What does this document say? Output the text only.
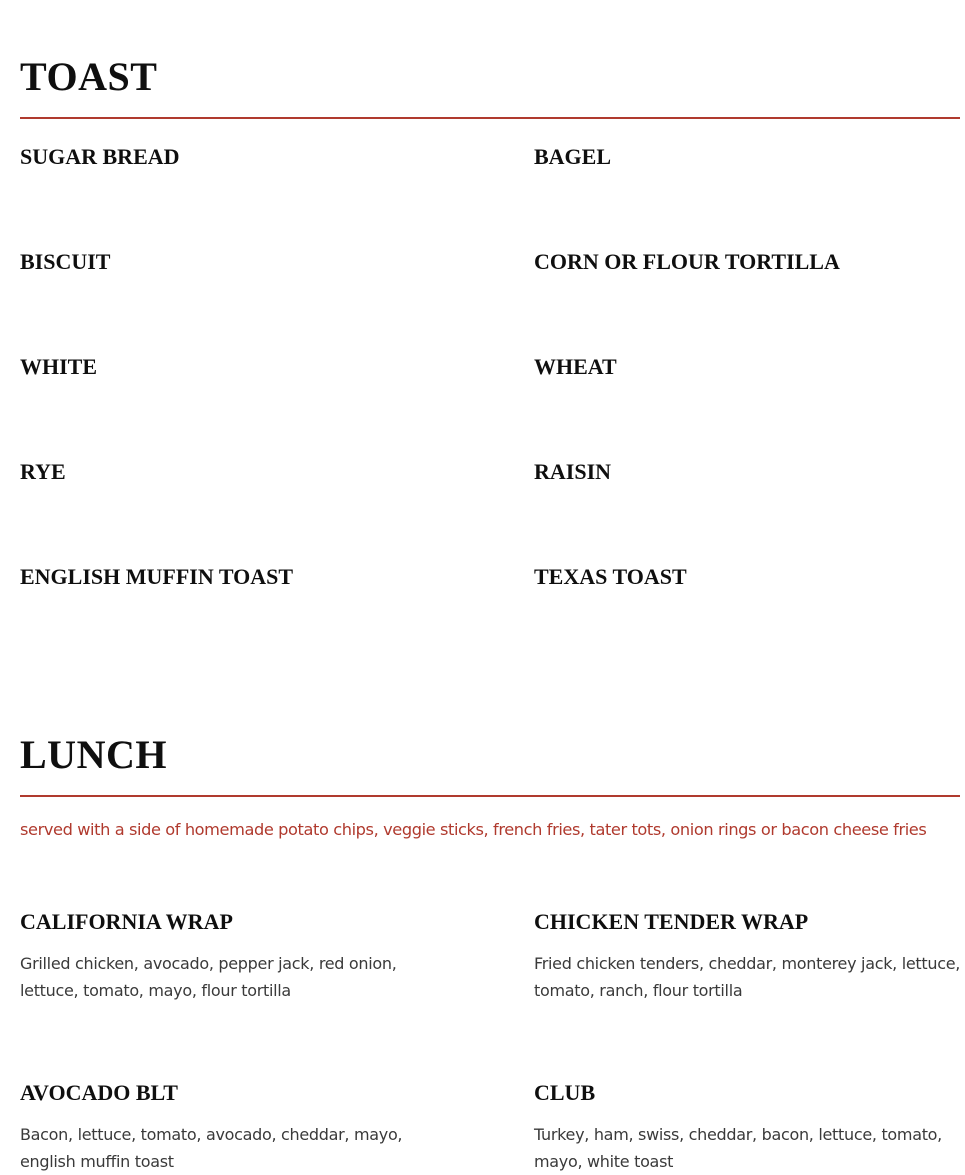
TOAST
SUGAR BREAD	BAGEL
BISCUIT	CORN OR FLOUR TORTILLA
WHITE	WHEAT
RYE	RAISIN
ENGLISH MUFFIN TOAST	TEXAS TOAST
LUNCH
served with a side of homemade potato chips, veggie sticks, french fries, tater tots, onion rings or bacon cheese fries
CALIFORNIA WRAP
Grilled chicken, avocado, pepper jack, red onion, lettuce, tomato, mayo, flour tortilla
CHICKEN TENDER WRAP
Fried chicken tenders, cheddar, monterey jack, lettuce, tomato, ranch, flour tortilla
AVOCADO BLT
Bacon, lettuce, tomato, avocado, cheddar, mayo, english muffin toast
CLUB
Turkey, ham, swiss, cheddar, bacon, lettuce, tomato, mayo, white toast
